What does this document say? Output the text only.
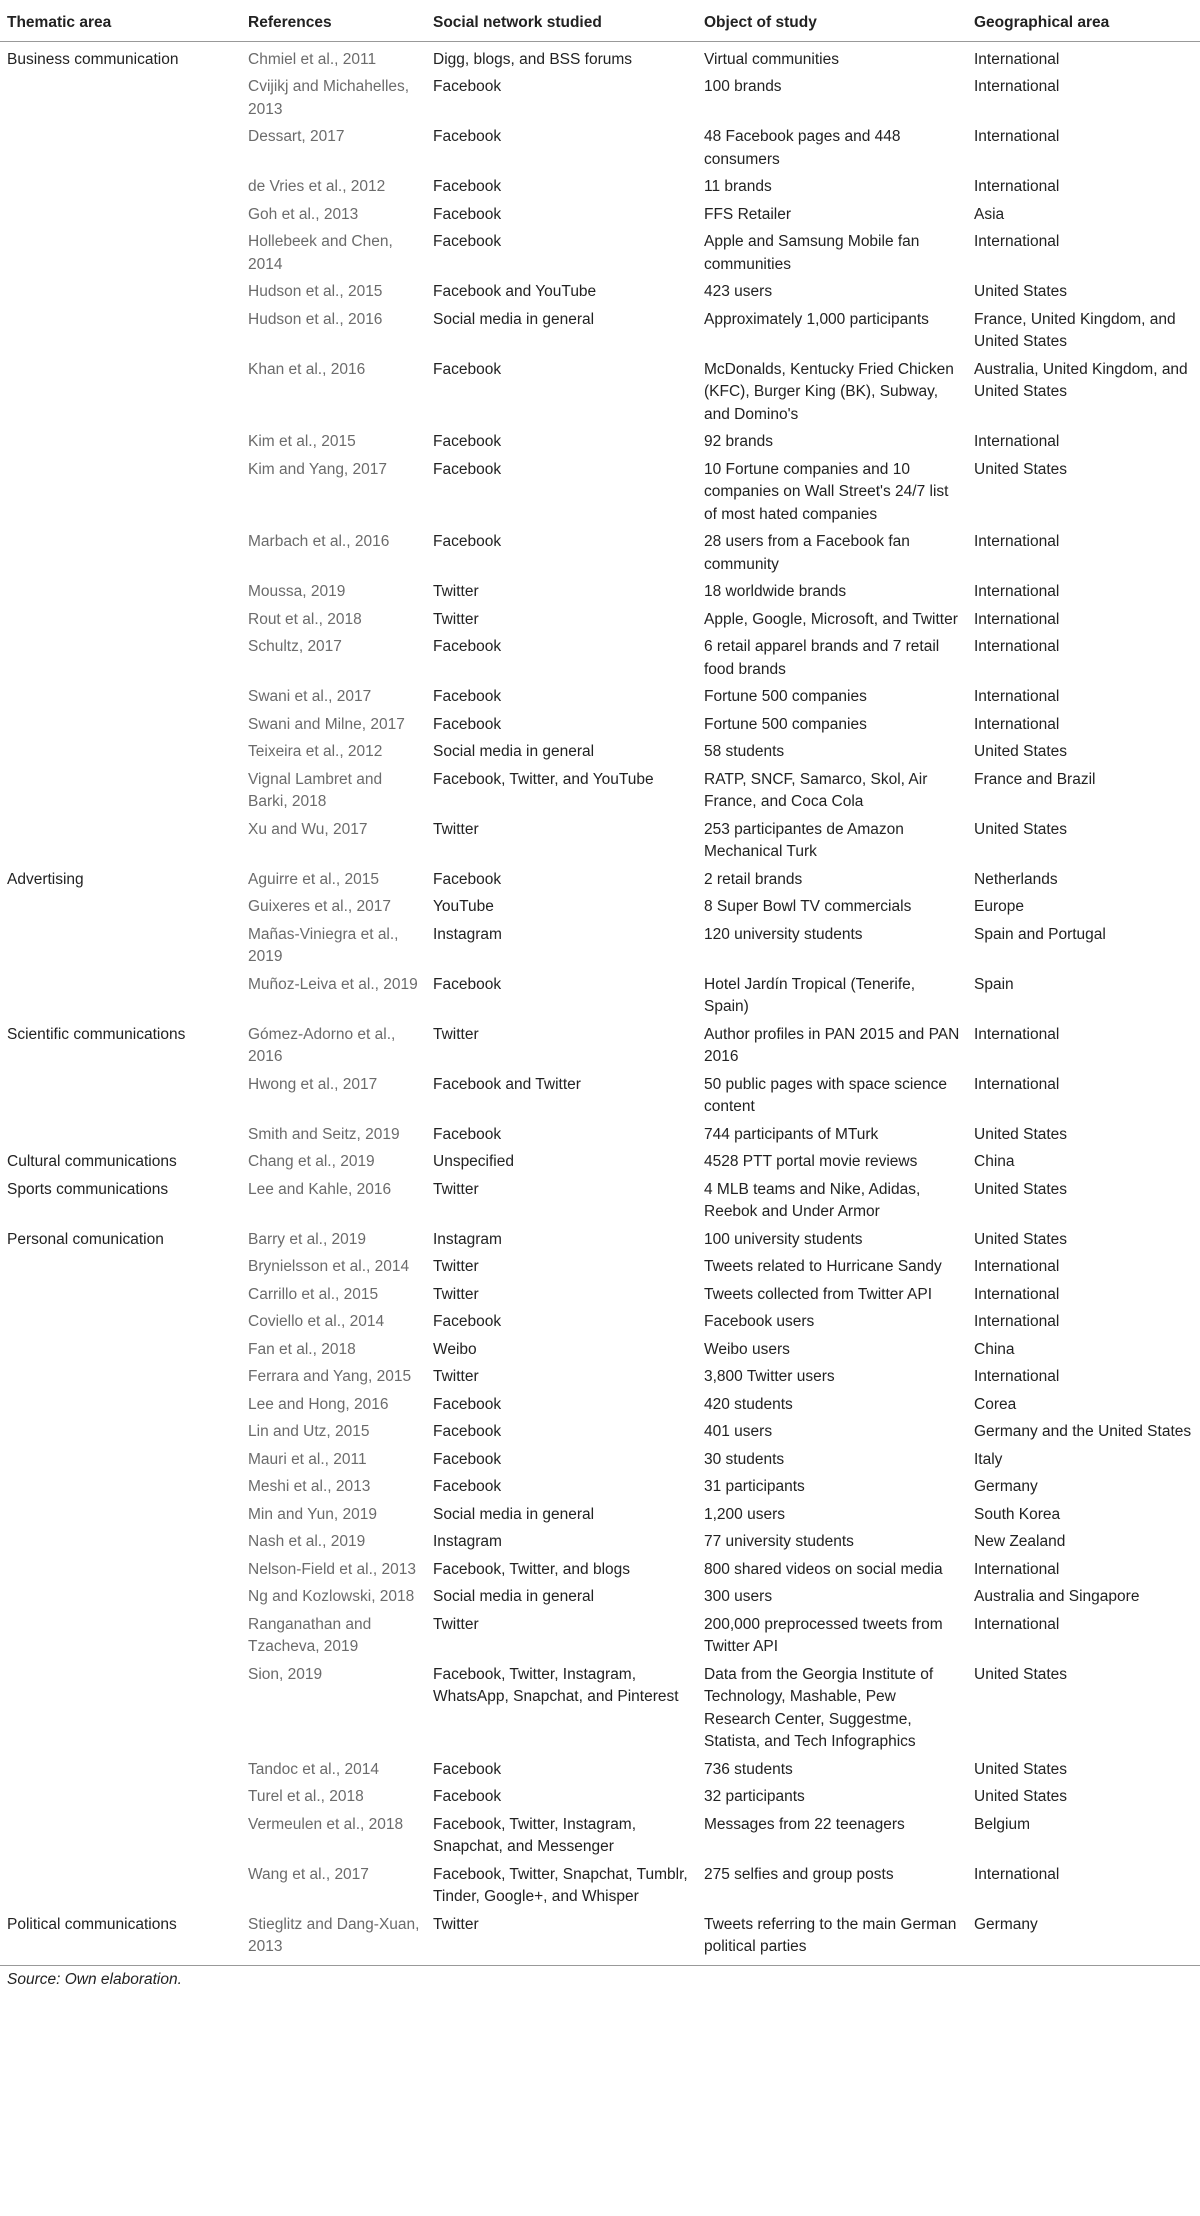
Thematic area	References	Social network studied	Object of study	Geographical area
Business communication	Chmiel et al., 2011	Digg, blogs, and BSS forums	Virtual communities	International
	Cvijikj and Michahelles, 2013	Facebook	100 brands	International
	Dessart, 2017	Facebook	48 Facebook pages and 448 consumers	International
	de Vries et al., 2012	Facebook	11 brands	International
	Goh et al., 2013	Facebook	FFS Retailer	Asia
	Hollebeek and Chen, 2014	Facebook	Apple and Samsung Mobile fan communities	International
	Hudson et al., 2015	Facebook and YouTube	423 users	United States
	Hudson et al., 2016	Social media in general	Approximately 1,000 participants	France, United Kingdom, and United States
	Khan et al., 2016	Facebook	McDonalds, Kentucky Fried Chicken (KFC), Burger King (BK), Subway, and Domino's	Australia, United Kingdom, and United States
	Kim et al., 2015	Facebook	92 brands	International
	Kim and Yang, 2017	Facebook	10 Fortune companies and 10 companies on Wall Street's 24/7 list of most hated companies	United States
	Marbach et al., 2016	Facebook	28 users from a Facebook fan community	International
	Moussa, 2019	Twitter	18 worldwide brands	International
	Rout et al., 2018	Twitter	Apple, Google, Microsoft, and Twitter	International
	Schultz, 2017	Facebook	6 retail apparel brands and 7 retail food brands	International
	Swani et al., 2017	Facebook	Fortune 500 companies	International
	Swani and Milne, 2017	Facebook	Fortune 500 companies	International
	Teixeira et al., 2012	Social media in general	58 students	United States
	Vignal Lambret and Barki, 2018	Facebook, Twitter, and YouTube	RATP, SNCF, Samarco, Skol, Air France, and Coca Cola	France and Brazil
	Xu and Wu, 2017	Twitter	253 participantes de Amazon Mechanical Turk	United States
Advertising	Aguirre et al., 2015	Facebook	2 retail brands	Netherlands
	Guixeres et al., 2017	YouTube	8 Super Bowl TV commercials	Europe
	Mañas-Viniegra et al., 2019	Instagram	120 university students	Spain and Portugal
	Muñoz-Leiva et al., 2019	Facebook	Hotel Jardín Tropical (Tenerife, Spain)	Spain
Scientific communications	Gómez-Adorno et al., 2016	Twitter	Author profiles in PAN 2015 and PAN 2016	International
	Hwong et al., 2017	Facebook and Twitter	50 public pages with space science content	International
	Smith and Seitz, 2019	Facebook	744 participants of MTurk	United States
Cultural communications	Chang et al., 2019	Unspecified	4528 PTT portal movie reviews	China
Sports communications	Lee and Kahle, 2016	Twitter	4 MLB teams and Nike, Adidas, Reebok and Under Armor	United States
Personal comunication	Barry et al., 2019	Instagram	100 university students	United States
	Brynielsson et al., 2014	Twitter	Tweets related to Hurricane Sandy	International
	Carrillo et al., 2015	Twitter	Tweets collected from Twitter API	International
	Coviello et al., 2014	Facebook	Facebook users	International
	Fan et al., 2018	Weibo	Weibo users	China
	Ferrara and Yang, 2015	Twitter	3,800 Twitter users	International
	Lee and Hong, 2016	Facebook	420 students	Corea
	Lin and Utz, 2015	Facebook	401 users	Germany and the United States
	Mauri et al., 2011	Facebook	30 students	Italy
	Meshi et al., 2013	Facebook	31 participants	Germany
	Min and Yun, 2019	Social media in general	1,200 users	South Korea
	Nash et al., 2019	Instagram	77 university students	New Zealand
	Nelson-Field et al., 2013	Facebook, Twitter, and blogs	800 shared videos on social media	International
	Ng and Kozlowski, 2018	Social media in general	300 users	Australia and Singapore
	Ranganathan and Tzacheva, 2019	Twitter	200,000 preprocessed tweets from Twitter API	International
	Sion, 2019	Facebook, Twitter, Instagram, WhatsApp, Snapchat, and Pinterest	Data from the Georgia Institute of Technology, Mashable, Pew Research Center, Suggestme, Statista, and Tech Infographics	United States
	Tandoc et al., 2014	Facebook	736 students	United States
	Turel et al., 2018	Facebook	32 participants	United States
	Vermeulen et al., 2018	Facebook, Twitter, Instagram, Snapchat, and Messenger	Messages from 22 teenagers	Belgium
	Wang et al., 2017	Facebook, Twitter, Snapchat, Tumblr, Tinder, Google+, and Whisper	275 selfies and group posts	International
Political communications	Stieglitz and Dang-Xuan, 2013	Twitter	Tweets referring to the main German political parties	Germany
Source: Own elaboration.
